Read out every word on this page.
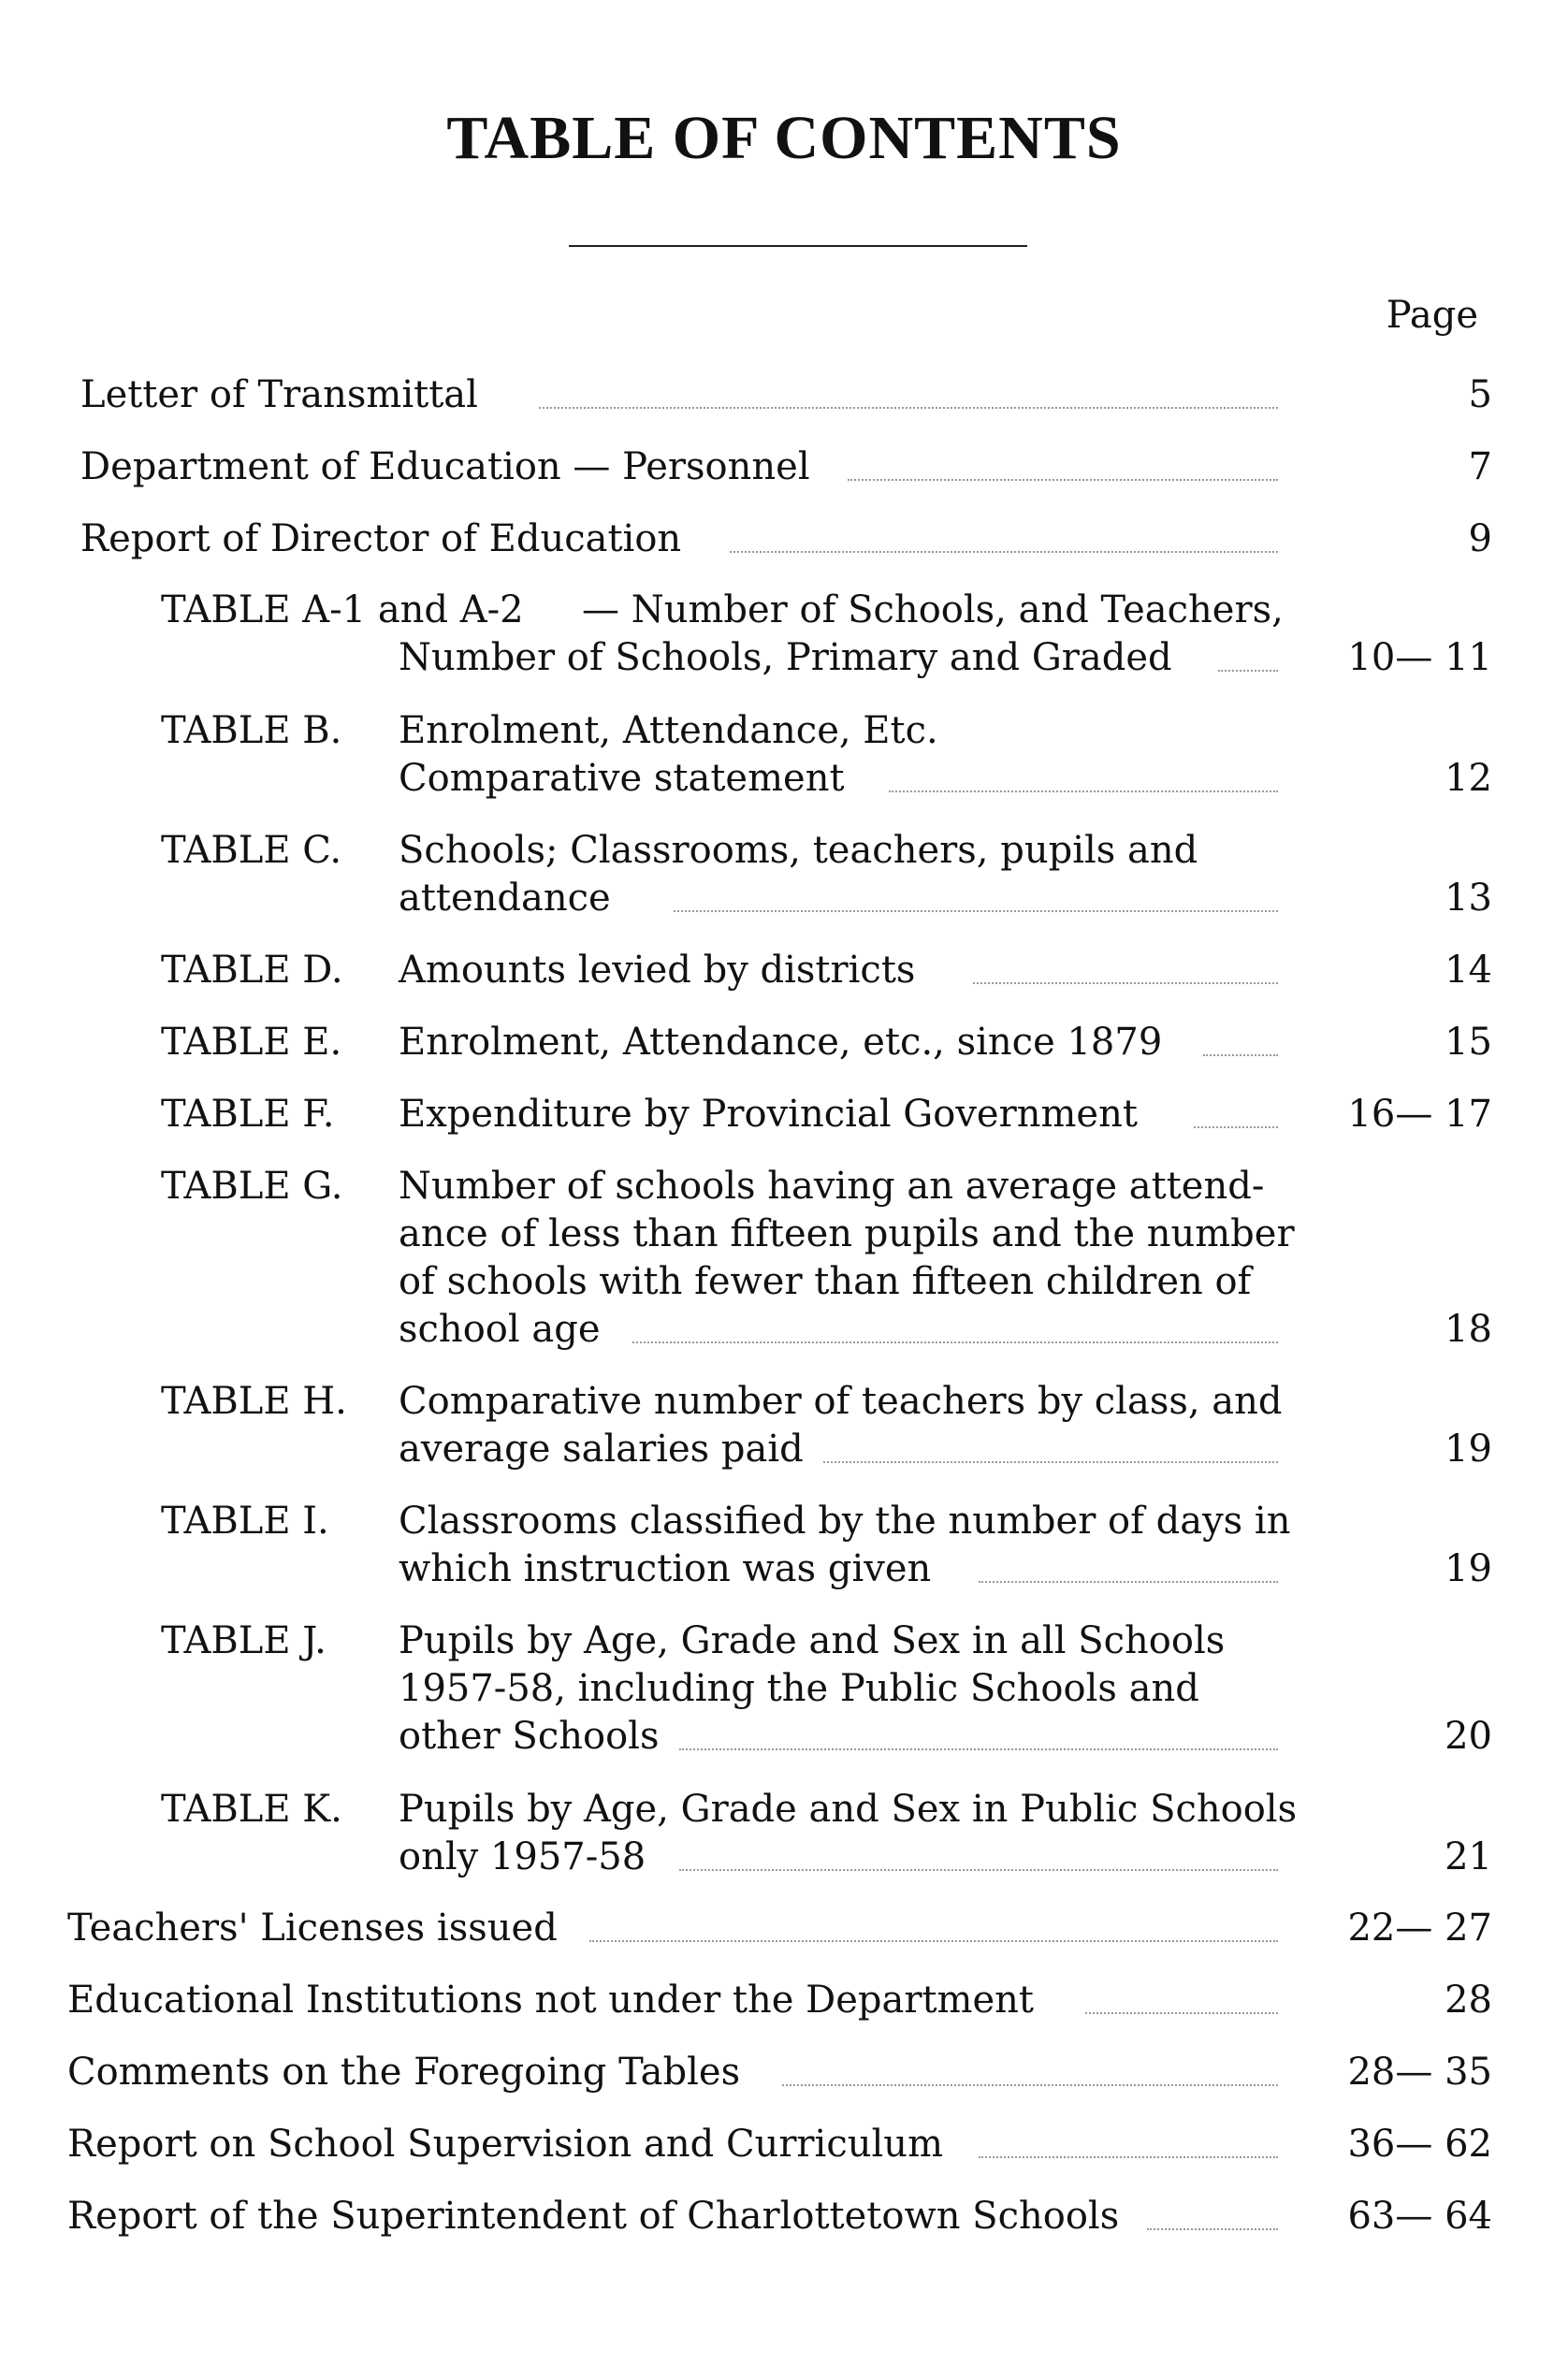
TABLE OF CONTENTS
Page
Letter of Transmittal	5
Department of Education — Personnel	7
Report of Director of Education	9
TABLE A-1 and A-2 — Number of Schools, and Teachers,
Number of Schools, Primary and Graded	10— 11
TABLE B. Enrolment, Attendance, Etc.
Comparative statement	12
TABLE C. Schools; Classrooms, teachers, pupils and
attendance	13
TABLE D. Amounts levied by districts	14
TABLE E. Enrolment, Attendance, etc., since 1879	15
TABLE F. Expenditure by Provincial Government	16— 17
TABLE G. Number of schools having an average attend-
ance of less than fifteen pupils and the number
of schools with fewer than fifteen children of
school age	18
TABLE H. Comparative number of teachers by class, and
average salaries paid	19
TABLE I. Classrooms classified by the number of days in
which instruction was given	19
TABLE J. Pupils by Age, Grade and Sex in all Schools
1957-58, including the Public Schools and
other Schools	20
TABLE K. Pupils by Age, Grade and Sex in Public Schools
only 1957-58	21
Teachers' Licenses issued	22— 27
Educational Institutions not under the Department	28
Comments on the Foregoing Tables	28— 35
Report on School Supervision and Curriculum	36— 62
Report of the Superintendent of Charlottetown Schools	63— 64
